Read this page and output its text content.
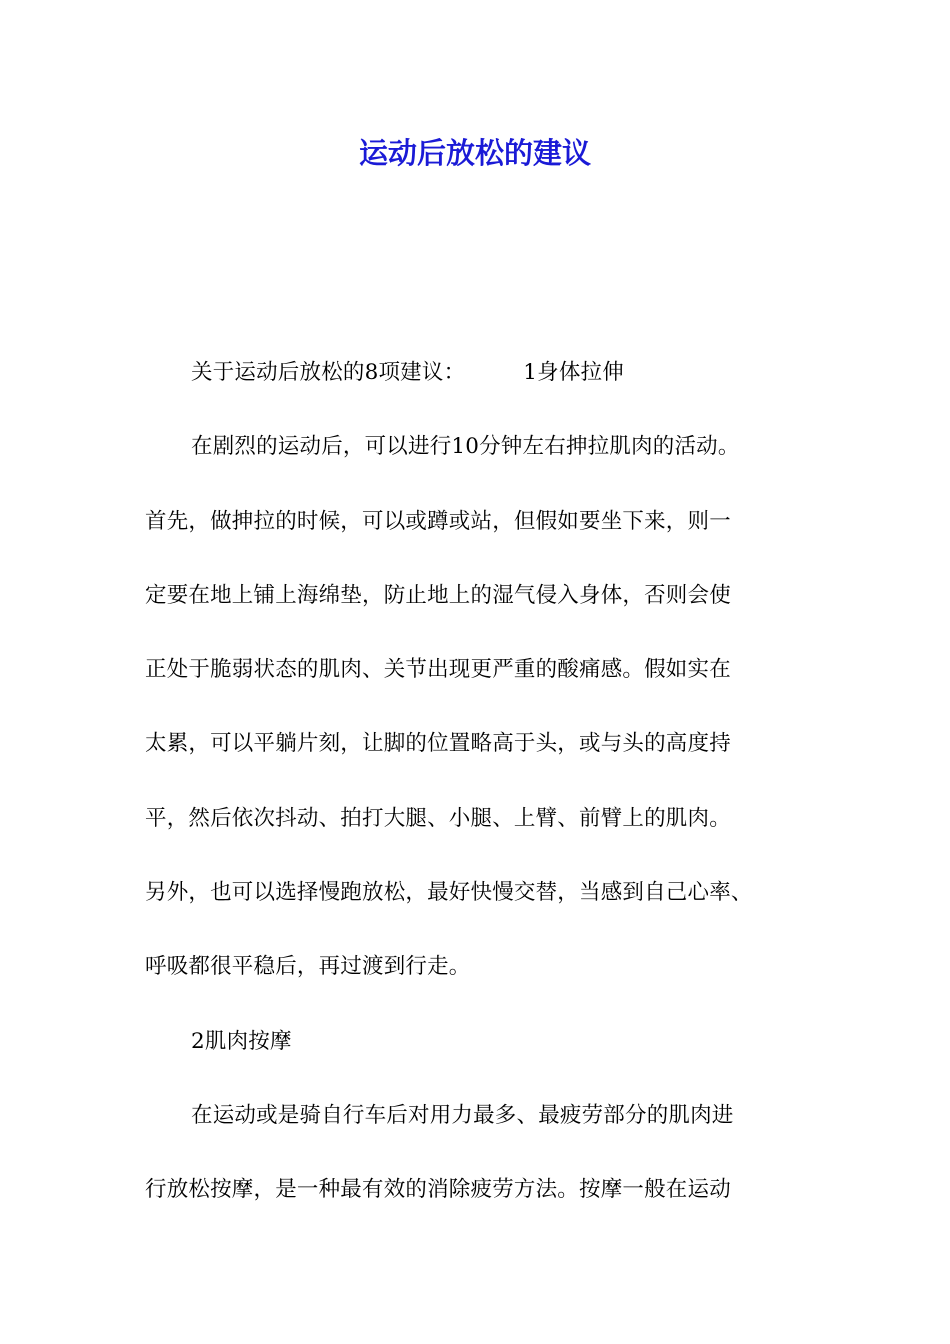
运动后放松的建议
关于运动后放松的8项建议：	1身体拉伸
在剧烈的运动后，可以进行10分钟左右抻拉肌肉的活动。
首先，做抻拉的时候，可以或蹲或站，但假如要坐下来，则一
定要在地上铺上海绵垫，防止地上的湿气侵入身体，否则会使
正处于脆弱状态的肌肉、关节出现更严重的酸痛感。假如实在
太累，可以平躺片刻，让脚的位置略高于头，或与头的高度持
平，然后依次抖动、拍打大腿、小腿、上臂、前臂上的肌肉。
另外，也可以选择慢跑放松，最好快慢交替，当感到自己心率、
呼吸都很平稳后，再过渡到行走。
2肌肉按摩
在运动或是骑自行车后对用力最多、最疲劳部分的肌肉进
行放松按摩，是一种最有效的消除疲劳方法。按摩一般在运动
